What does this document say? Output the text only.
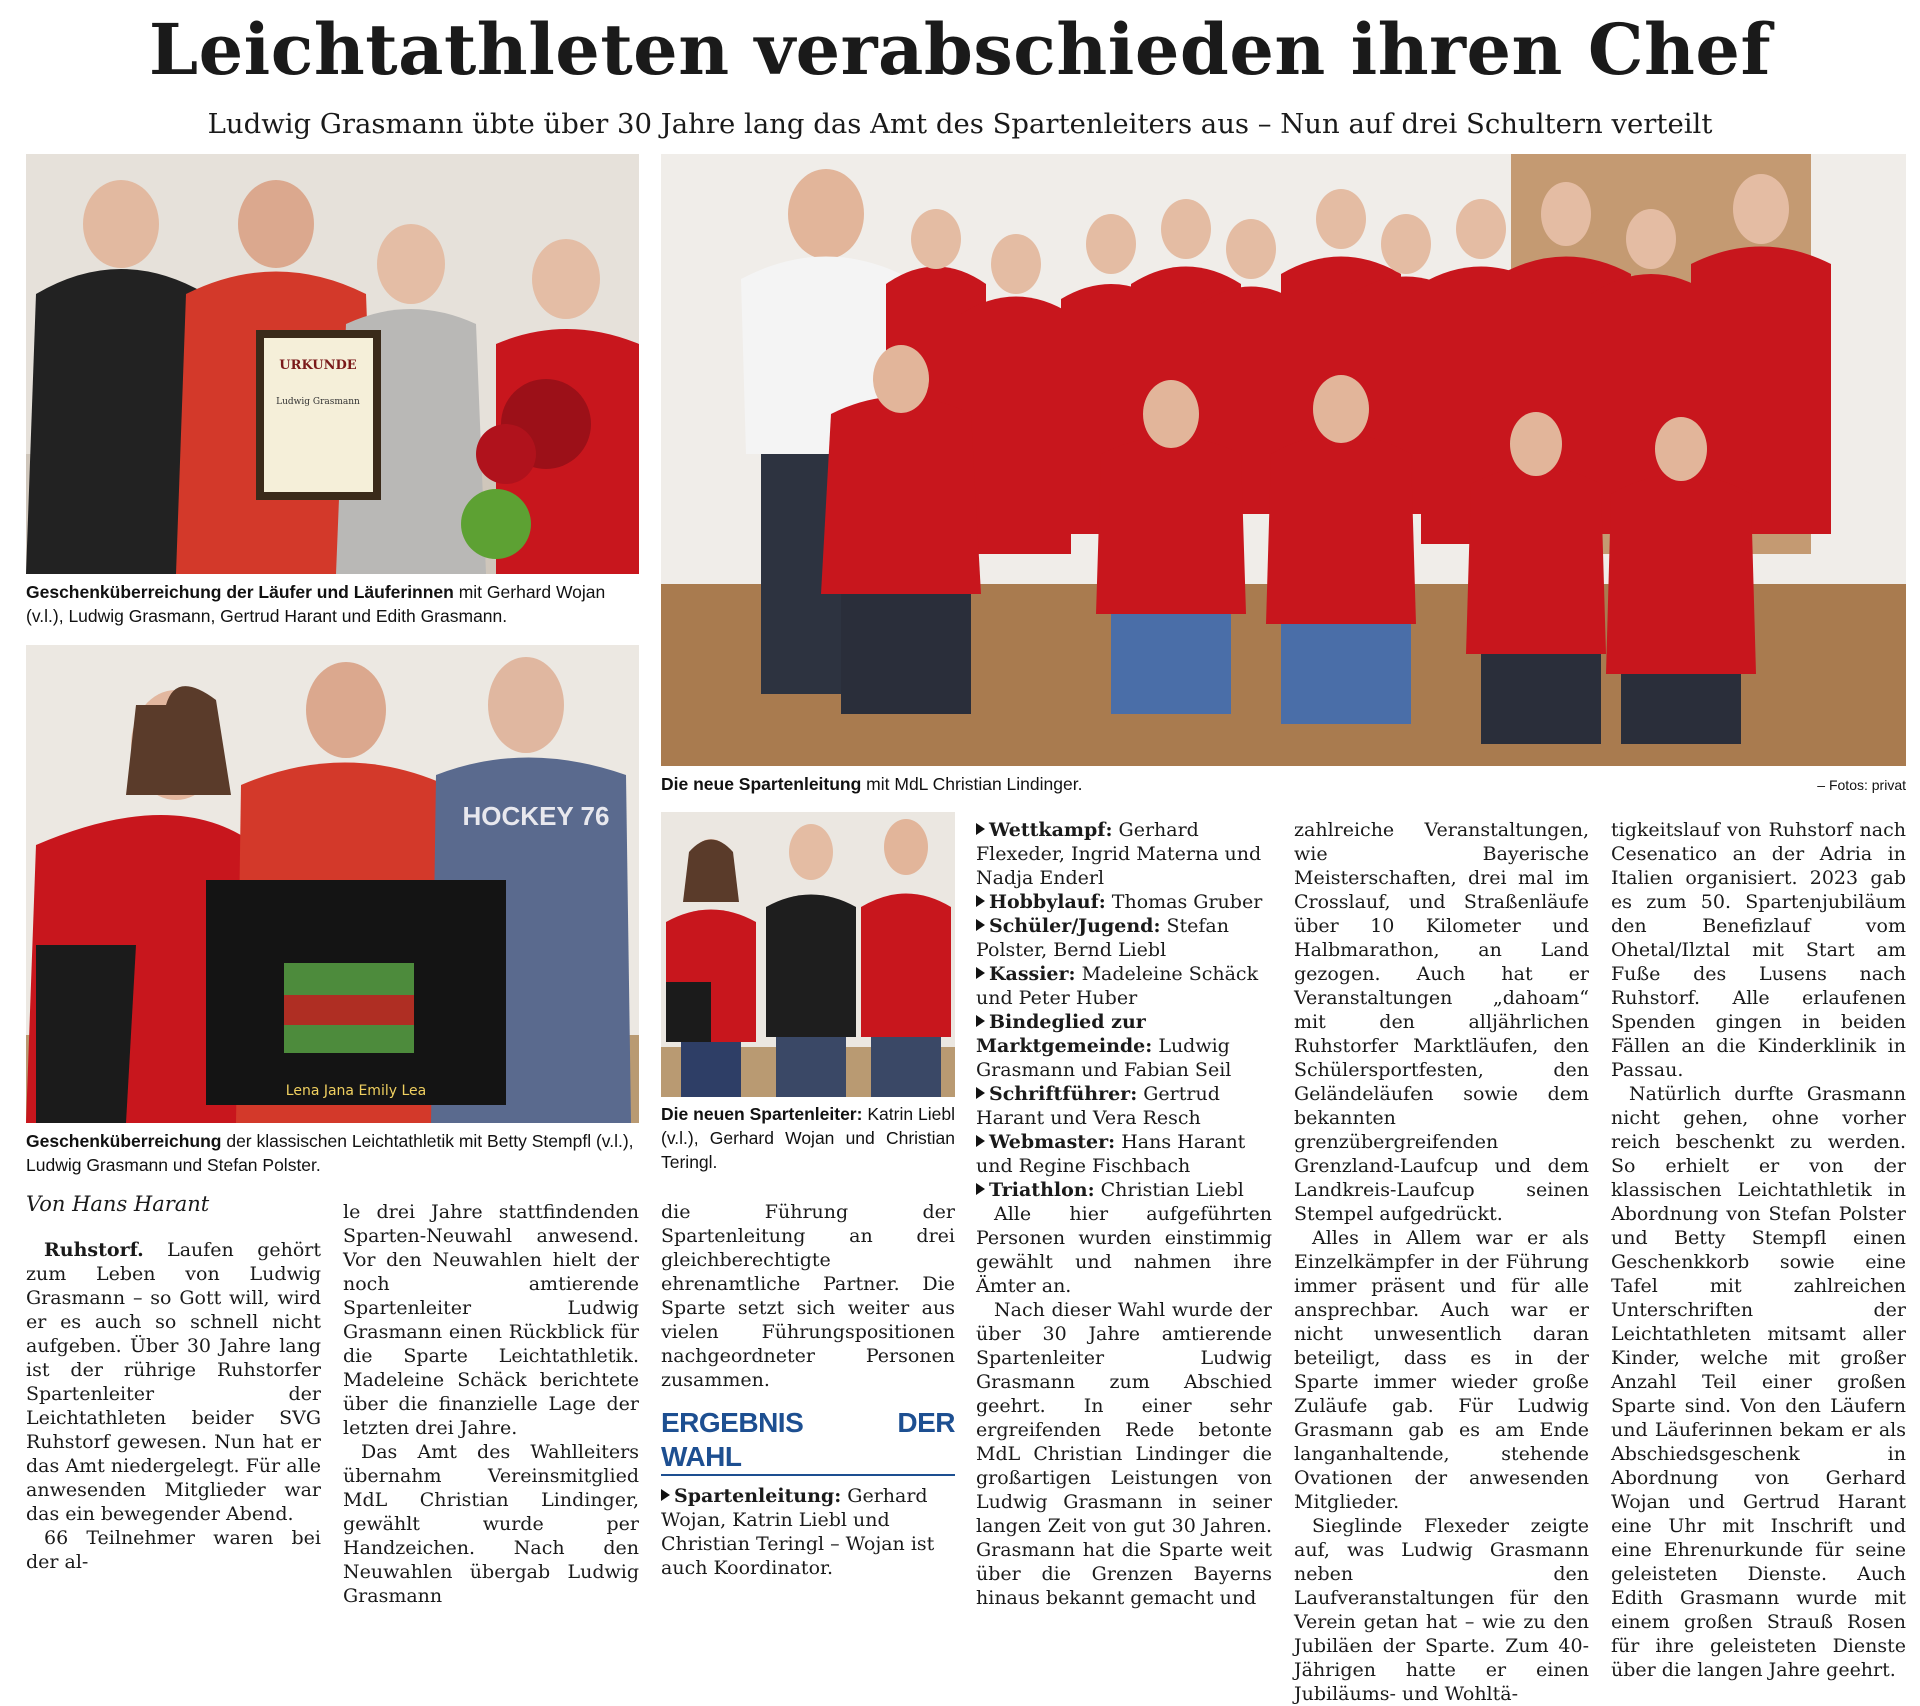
Leichtathleten verabschieden ihren Chef
Ludwig Grasmann übte über 30 Jahre lang das Amt des Spartenleiters aus – Nun auf drei Schultern verteilt
URKUNDE
Ludwig Grasmann
Geschenküberreichung der Läufer und Läuferinnen mit Gerhard Wojan (v.l.), Ludwig Grasmann, Gertrud Harant und Edith Grasmann.
HOCKEY 76
Lena Jana Emily Lea
Geschenküberreichung der klassischen Leichtathletik mit Betty Stempfl (v.l.), Ludwig Grasmann und Stefan Polster.
Die neue Spartenleitung mit MdL Christian Lindinger.	– Fotos: privat
Die neuen Spartenleiter: Katrin Liebl (v.l.), Gerhard Wojan und Christian Teringl.
Von Hans Harant

Ruhstorf. Laufen gehört zum Leben von Ludwig Grasmann – so Gott will, wird er es auch so schnell nicht aufgeben. Über 30 Jahre lang ist der rührige Ruhstorfer Spartenleiter der Leichtathleten beider SVG Ruhstorf gewesen. Nun hat er das Amt niedergelegt. Für alle anwesenden Mitglieder war das ein bewegender Abend.

66 Teilnehmer waren bei der al-

le drei Jahre stattfindenden Sparten-Neuwahl anwesend. Vor den Neuwahlen hielt der noch amtierende Spartenleiter Ludwig Grasmann einen Rückblick für die Sparte Leichtathletik. Madeleine Schäck berichtete über die finanzielle Lage der letzten drei Jahre.

Das Amt des Wahlleiters übernahm Vereinsmitglied MdL Christian Lindinger, gewählt wurde per Handzeichen. Nach den Neuwahlen übergab Ludwig Grasmann

die Führung der Spartenleitung an drei gleichberechtigte ehrenamtliche Partner. Die Sparte setzt sich weiter aus vielen Führungspositionen nachgeordneter Personen zusammen.

ERGEBNIS DER WAHL

Spartenleitung: Gerhard Wojan, Katrin Liebl und Christian Teringl – Wojan ist auch Koordinator.

Wettkampf: Gerhard Flexeder, Ingrid Materna und Nadja Enderl

Hobbylauf: Thomas Gruber

Schüler/Jugend: Stefan Polster, Bernd Liebl

Kassier: Madeleine Schäck und Peter Huber

Bindeglied zur Marktgemeinde: Ludwig Grasmann und Fabian Seil

Schriftführer: Gertrud Harant und Vera Resch

Webmaster: Hans Harant und Regine Fischbach

Triathlon: Christian Liebl

Alle hier aufgeführten Personen wurden einstimmig gewählt und nahmen ihre Ämter an.

Nach dieser Wahl wurde der über 30 Jahre amtierende Spartenleiter Ludwig Grasmann zum Abschied geehrt. In einer sehr ergreifenden Rede betonte MdL Christian Lindinger die großartigen Leistungen von Ludwig Grasmann in seiner langen Zeit von gut 30 Jahren. Grasmann hat die Sparte weit über die Grenzen Bayerns hinaus bekannt gemacht und

zahlreiche Veranstaltungen, wie Bayerische Meisterschaften, drei mal im Crosslauf, und Straßenläufe über 10 Kilometer und Halbmarathon, an Land gezogen. Auch hat er Veranstaltungen „dahoam“ mit den alljährlichen Ruhstorfer Marktläufen, den Schülersportfesten, den Geländeläufen sowie dem bekannten grenzübergreifenden Grenzland-Laufcup und dem Landkreis-Laufcup seinen Stempel aufgedrückt.

Alles in Allem war er als Einzelkämpfer in der Führung immer präsent und für alle ansprechbar. Auch war er nicht unwesentlich daran beteiligt, dass es in der Sparte immer wieder große Zuläufe gab. Für Ludwig Grasmann gab es am Ende langanhaltende, stehende Ovationen der anwesenden Mitglieder.

Sieglinde Flexeder zeigte auf, was Ludwig Grasmann neben den Laufveranstaltungen für den Verein getan hat – wie zu den Jubiläen der Sparte. Zum 40-Jährigen hatte er einen Jubiläums- und Wohltä-

tigkeitslauf von Ruhstorf nach Cesenatico an der Adria in Italien organisiert. 2023 gab es zum 50. Spartenjubiläum den Benefizlauf vom Ohetal/Ilztal mit Start am Fuße des Lusens nach Ruhstorf. Alle erlaufenen Spenden gingen in beiden Fällen an die Kinderklinik in Passau.

Natürlich durfte Grasmann nicht gehen, ohne vorher reich beschenkt zu werden. So erhielt er von der klassischen Leichtathletik in Abordnung von Stefan Polster und Betty Stempfl einen Geschenkkorb sowie eine Tafel mit zahlreichen Unterschriften der Leichtathleten mitsamt aller Kinder, welche mit großer Anzahl Teil einer großen Sparte sind. Von den Läufern und Läuferinnen bekam er als Abschiedsgeschenk in Abordnung von Gerhard Wojan und Gertrud Harant eine Uhr mit Inschrift und eine Ehrenurkunde für seine geleisteten Dienste. Auch Edith Grasmann wurde mit einem großen Strauß Rosen für ihre geleisteten Dienste über die langen Jahre geehrt.
